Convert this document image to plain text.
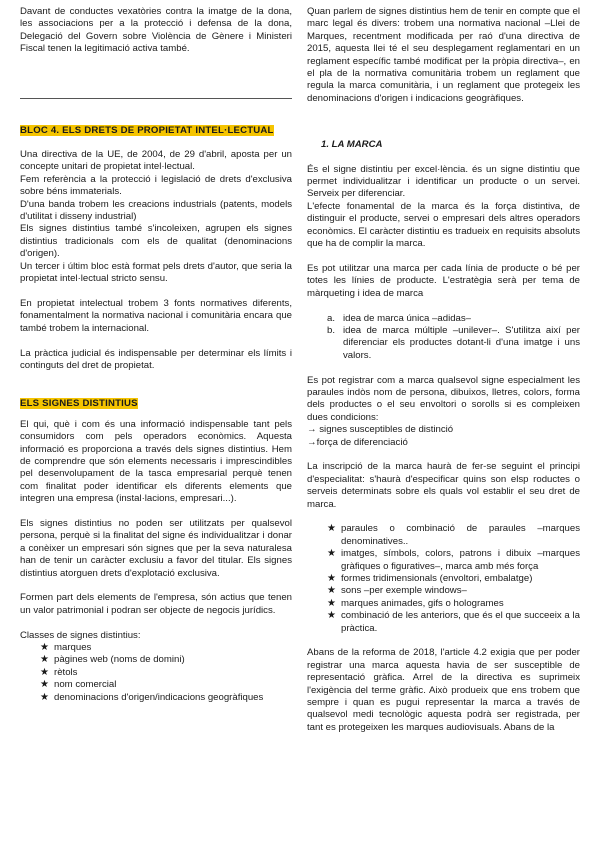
Davant de conductes vexatòries contra la imatge de la dona, les associacions per a la protecció i defensa de la dona, Delegació del Govern sobre Violència de Gènere i Ministeri Fiscal tenen la legitimació activa també.

BLOC 4. ELS DRETS DE PROPIETAT INTEL·LECTUAL

Una directiva de la UE, de 2004, de 29 d'abril, aposta per un concepte unitari de propietat intel·lectual.

Fem referència a la protecció i legislació de drets d'exclusiva sobre béns immaterials.

D'una banda trobem les creacions industrials (patents, models d'utilitat i disseny industrial)

Els signes distintius també s'incoleixen, agrupen els signes distintius tradicionals com els de qualitat (denominacions d'origen).

Un tercer i últim bloc està format pels drets d'autor, que seria la propietat intel·lectual stricto sensu.

En propietat intelectual trobem 3 fonts normatives diferents, fonamentalment la normativa nacional i comunitària encara que també trobem la internacional.

La pràctica judicial és indispensable per determinar els límits i continguts del dret de propietat.

ELS SIGNES DISTINTIUS

El qui, què i com és una informació indispensable tant pels consumidors com pels operadors econòmics. Aquesta informació es proporciona a través dels signes distintius. Hem de comprendre que són elements necessaris i imprescindibles pel desenvolupament de la tasca empresarial perquè tenen com finalitat poder identificar els diferents elements que integren una empresa (instal·lacions, empresari...).

Els signes distintius no poden ser utilitzats per qualsevol persona, perquè si la finalitat del signe és individualitzar i donar a conèixer un empresari són signes que per la seva naturalesa han de tenir un caràcter exclusiu a favor del titular. Els signes distintius atorguen drets d'explotació exclusiva.

Formen part dels elements de l'empresa, són actius que tenen un valor patrimonial i podran ser objecte de negocis jurídics.

Classes de signes distintius:

★ marques
★ pàgines web (noms de domini)
★ rètols
★ nom comercial
★ denominacions d'origen/indicacions geogràfiques

Quan parlem de signes distintius hem de tenir en compte que el marc legal és divers: trobem una normativa nacional –Llei de Marques, recentment modificada per raó d'una directiva de 2015, aquesta llei té el seu desplegament reglamentari en un reglament específic també modificat per la pròpia directiva–, en el pla de la normativa comunitària trobem un reglament que regula la marca comunitària, i un reglament que protegeix les denominacions d'origen i indicacions geogràfiques.

1. LA MARCA

És el signe distintiu per excel·lència. és un signe distintiu que permet individualitzar i identificar un producte o un servei. Serveix per diferenciar.

L'efecte fonamental de la marca és la força distintiva, de distinguir el producte, servei o empresari dels altres operadors econòmics. El caràcter distintiu es tradueix en requisits absoluts que ha de complir la marca.

Es pot utilitzar una marca per cada línia de producte o bé per totes les línies de producte. L'estratègia serà per tema de màrqueting i idea de marca

a. idea de marca única –adidas–
b. idea de marca múltiple –unilever–. S'utilitza així per diferenciar els productes dotant-li d'una imatge i uns valors.

Es pot registrar com a marca qualsevol signe especialment les paraules indòs nom de persona, dibuixos, lletres, colors, forma dels productes o el seu envoltori o sorolls si es compleixen dues condicions:

→ signes susceptibles de distinció

→força de diferenciació

La inscripció de la marca haurà de fer-se seguint el principi d'especialitat: s'haurà d'especificar quins son elsp roductes o serveis determinats sobre els quals vol establir el seu dret de marca.

★ paraules o combinació de paraules –marques denominatives..
★ imatges, símbols, colors, patrons i dibuix –marques gràfiques o figuratives–, marca amb més força
★ formes tridimensionals (envoltori, embalatge)
★ sons –per exemple windows–
★ marques animades, gifs o hologrames
★ combinació de les anteriors, que és el que succeeix a la pràctica.

Abans de la reforma de 2018, l'article 4.2 exigia que per poder registrar una marca aquesta havia de ser susceptible de representació gràfica. Arrel de la directiva es suprimeix l'exigència del terme gràfic. Això produeix que ens trobem que sempre i quan es pugui representar la marca a través de qualsevol medi tecnològic aquesta podrà ser registrada, per tant es protegeixen les marques audiovisuals. Abans de la
